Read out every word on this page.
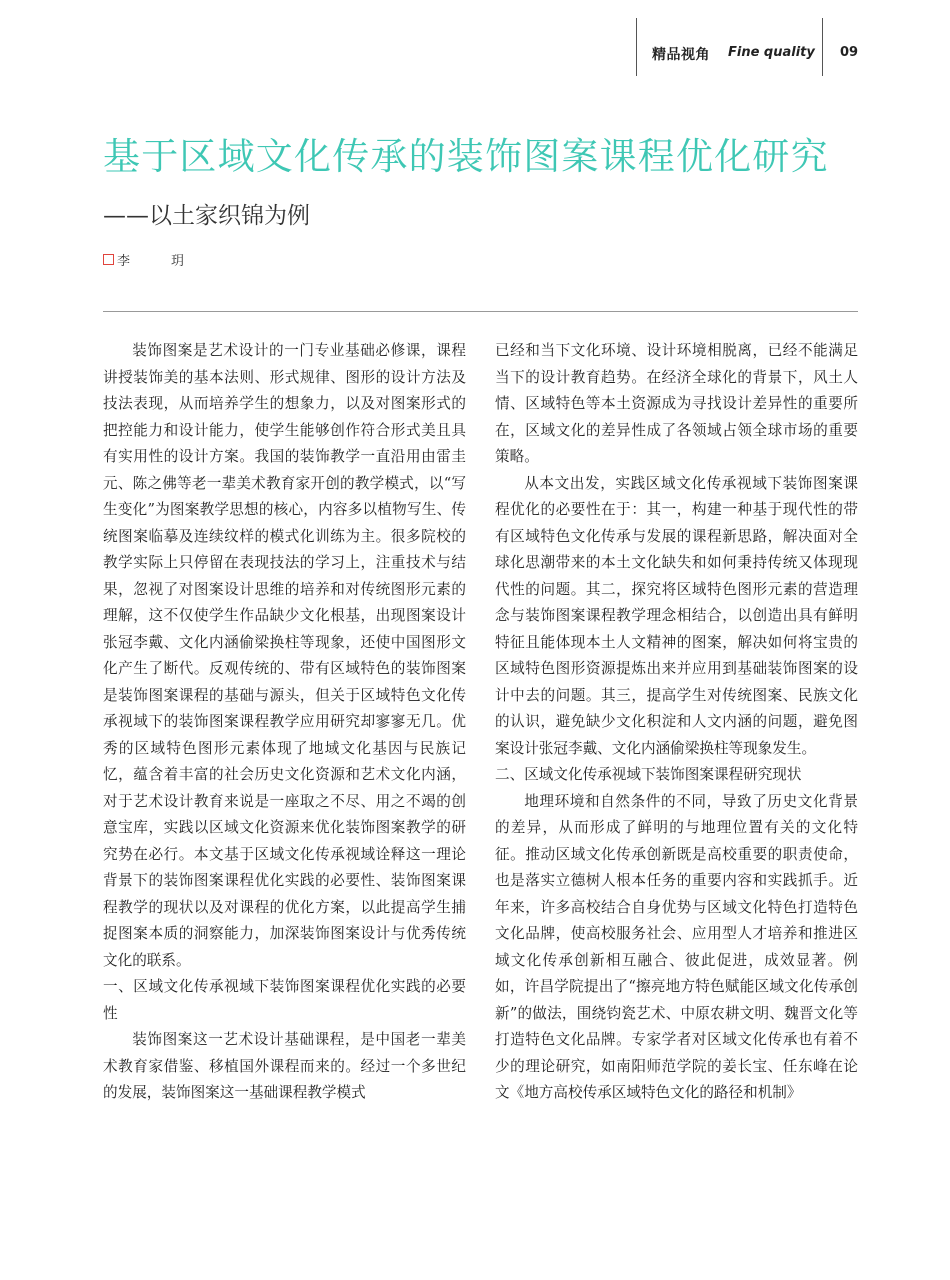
精品视角 Fine quality 09
基于区域文化传承的装饰图案课程优化研究
——以土家织锦为例
李　玥

装饰图案是艺术设计的一门专业基础必修课，课程讲授装饰美的基本法则、形式规律、图形的设计方法及技法表现，从而培养学生的想象力，以及对图案形式的把控能力和设计能力，使学生能够创作符合形式美且具有实用性的设计方案。我国的装饰教学一直沿用由雷圭元、陈之佛等老一辈美术教育家开创的教学模式，以“写生变化”为图案教学思想的核心，内容多以植物写生、传统图案临摹及连续纹样的模式化训练为主。很多院校的教学实际上只停留在表现技法的学习上，注重技术与结果，忽视了对图案设计思维的培养和对传统图形元素的理解，这不仅使学生作品缺少文化根基，出现图案设计张冠李戴、文化内涵偷梁换柱等现象，还使中国图形文化产生了断代。反观传统的、带有区域特色的装饰图案是装饰图案课程的基础与源头，但关于区域特色文化传承视域下的装饰图案课程教学应用研究却寥寥无几。优秀的区域特色图形元素体现了地域文化基因与民族记忆，蕴含着丰富的社会历史文化资源和艺术文化内涵，对于艺术设计教育来说是一座取之不尽、用之不竭的创意宝库，实践以区域文化资源来优化装饰图案教学的研究势在必行。本文基于区域文化传承视域诠释这一理论背景下的装饰图案课程优化实践的必要性、装饰图案课程教学的现状以及对课程的优化方案，以此提高学生捕捉图案本质的洞察能力，加深装饰图案设计与优秀传统文化的联系。

一、区域文化传承视域下装饰图案课程优化实践的必要性

装饰图案这一艺术设计基础课程，是中国老一辈美术教育家借鉴、移植国外课程而来的。经过一个多世纪的发展，装饰图案这一基础课程教学模式

已经和当下文化环境、设计环境相脱离，已经不能满足当下的设计教育趋势。在经济全球化的背景下，风土人情、区域特色等本土资源成为寻找设计差异性的重要所在，区域文化的差异性成了各领域占领全球市场的重要策略。

从本文出发，实践区域文化传承视域下装饰图案课程优化的必要性在于：其一，构建一种基于现代性的带有区域特色文化传承与发展的课程新思路，解决面对全球化思潮带来的本土文化缺失和如何秉持传统又体现现代性的问题。其二，探究将区域特色图形元素的营造理念与装饰图案课程教学理念相结合，以创造出具有鲜明特征且能体现本土人文精神的图案，解决如何将宝贵的区域特色图形资源提炼出来并应用到基础装饰图案的设计中去的问题。其三，提高学生对传统图案、民族文化的认识，避免缺少文化积淀和人文内涵的问题，避免图案设计张冠李戴、文化内涵偷梁换柱等现象发生。

二、区域文化传承视域下装饰图案课程研究现状

地理环境和自然条件的不同，导致了历史文化背景的差异，从而形成了鲜明的与地理位置有关的文化特征。推动区域文化传承创新既是高校重要的职责使命，也是落实立德树人根本任务的重要内容和实践抓手。近年来，许多高校结合自身优势与区域文化特色打造特色文化品牌，使高校服务社会、应用型人才培养和推进区域文化传承创新相互融合、彼此促进，成效显著。例如，许昌学院提出了“擦亮地方特色赋能区域文化传承创新”的做法，围绕钧瓷艺术、中原农耕文明、魏晋文化等打造特色文化品牌。专家学者对区域文化传承也有着不少的理论研究，如南阳师范学院的姜长宝、任东峰在论文《地方高校传承区域特色文化的路径和机制》
